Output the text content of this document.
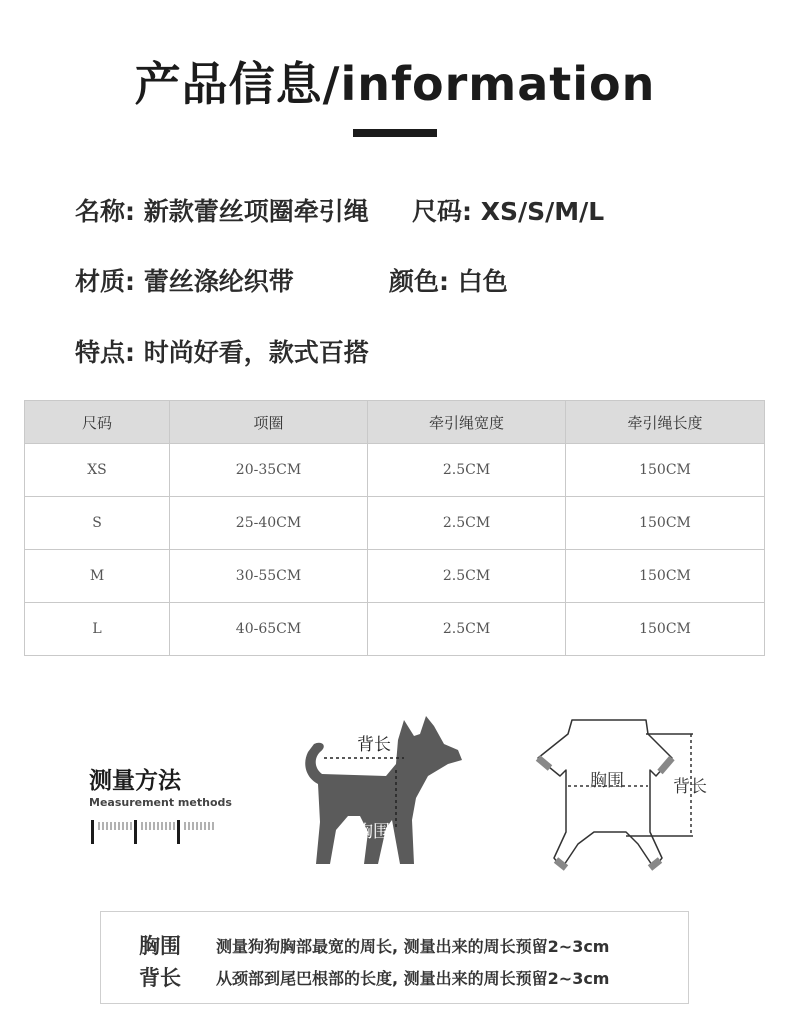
产品信息/information
名称: 新款蕾丝项圈牵引绳 尺码: XS/S/M/L
材质: 蕾丝涤纶织带	颜色: 白色
特点: 时尚好看，款式百搭
尺码	项圈	牵引绳宽度	牵引绳长度
XS	20-35CM	2.5CM	150CM
S	25-40CM	2.5CM	150CM
M	30-55CM	2.5CM	150CM
L	40-65CM	2.5CM	150CM
测量方法
Measurement methods
背长
胸围
胸围	背长
胸围 测量狗狗胸部最宽的周长, 测量出来的周长预留2~3cm
背长 从颈部到尾巴根部的长度, 测量出来的周长预留2~3cm
